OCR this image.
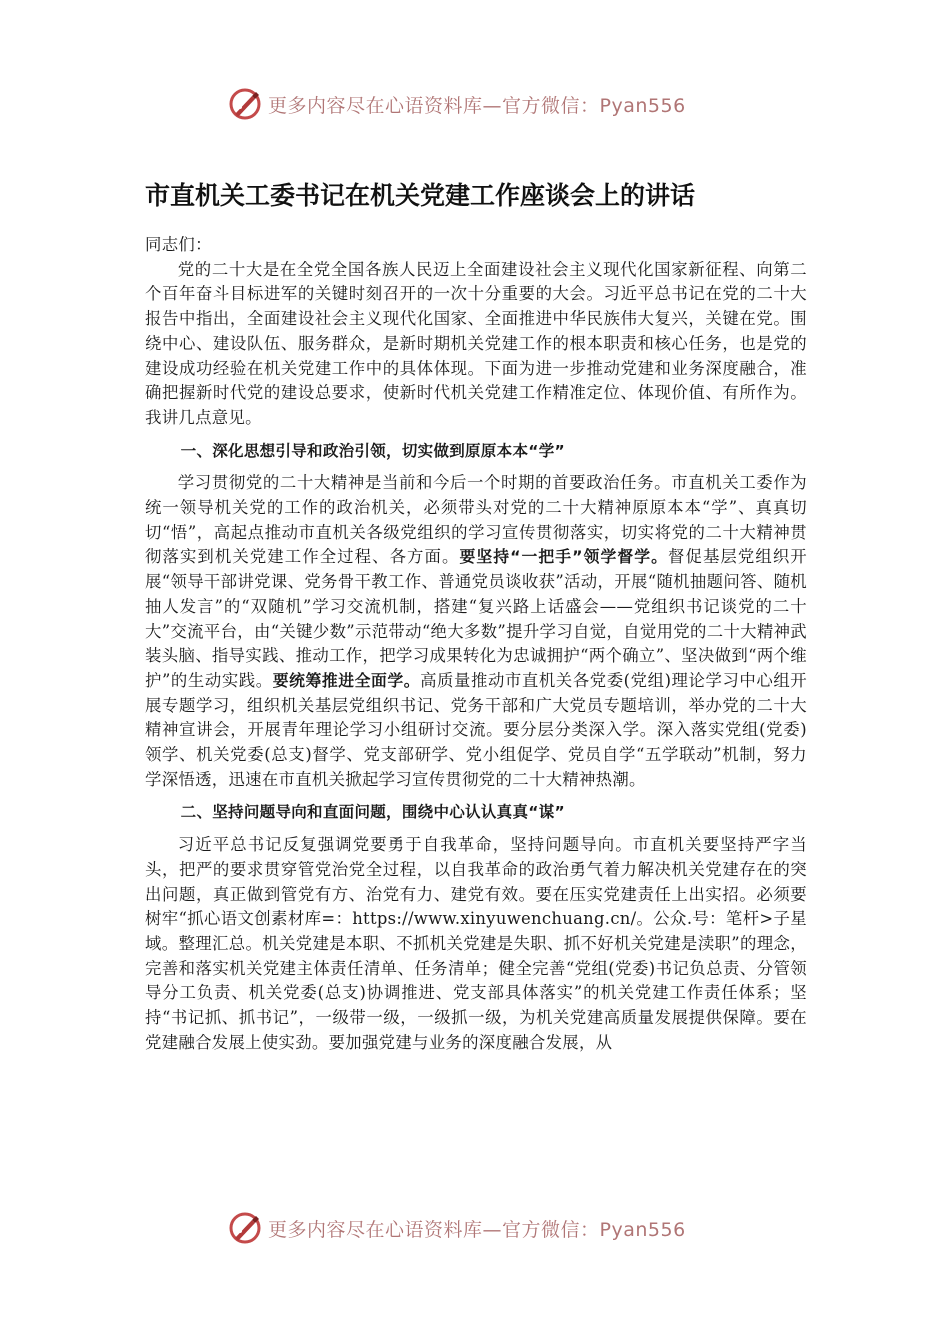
更多内容尽在心语资料库—官方微信：Pyan556
市直机关工委书记在机关党建工作座谈会上的讲话

同志们：

党的二十大是在全党全国各族人民迈上全面建设社会主义现代化国家新征程、向第二个百年奋斗目标进军的关键时刻召开的一次十分重要的大会。习近平总书记在党的二十大报告中指出，全面建设社会主义现代化国家、全面推进中华民族伟大复兴，关键在党。围绕中心、建设队伍、服务群众，是新时期机关党建工作的根本职责和核心任务，也是党的建设成功经验在机关党建工作中的具体体现。下面为进一步推动党建和业务深度融合，准确把握新时代党的建设总要求，使新时代机关党建工作精准定位、体现价值、有所作为。我讲几点意见。

一、深化思想引导和政治引领，切实做到原原本本“学”

学习贯彻党的二十大精神是当前和今后一个时期的首要政治任务。市直机关工委作为统一领导机关党的工作的政治机关，必须带头对党的二十大精神原原本本“学”、真真切切“悟”，高起点推动市直机关各级党组织的学习宣传贯彻落实，切实将党的二十大精神贯彻落实到机关党建工作全过程、各方面。要坚持“一把手”领学督学。督促基层党组织开展“领导干部讲党课、党务骨干教工作、普通党员谈收获”活动，开展“随机抽题问答、随机抽人发言”的“双随机”学习交流机制，搭建“复兴路上话盛会——党组织书记谈党的二十大”交流平台，由“关键少数”示范带动“绝大多数”提升学习自觉，自觉用党的二十大精神武装头脑、指导实践、推动工作，把学习成果转化为忠诚拥护“两个确立”、坚决做到“两个维护”的生动实践。要统筹推进全面学。高质量推动市直机关各党委(党组)理论学习中心组开展专题学习，组织机关基层党组织书记、党务干部和广大党员专题培训，举办党的二十大精神宣讲会，开展青年理论学习小组研讨交流。要分层分类深入学。深入落实党组(党委)领学、机关党委(总支)督学、党支部研学、党小组促学、党员自学“五学联动”机制，努力学深悟透，迅速在市直机关掀起学习宣传贯彻党的二十大精神热潮。

二、坚持问题导向和直面问题，围绕中心认认真真“谋”

习近平总书记反复强调党要勇于自我革命，坚持问题导向。市直机关要坚持严字当头，把严的要求贯穿管党治党全过程，以自我革命的政治勇气着力解决机关党建存在的突出问题，真正做到管党有方、治党有力、建党有效。要在压实党建责任上出实招。必须要树牢“抓心语文创素材库=：https://www.xinyuwenchuang.cn/。公众.号：笔杆>子星域。整理汇总。机关党建是本职、不抓机关党建是失职、抓不好机关党建是渎职”的理念，完善和落实机关党建主体责任清单、任务清单；健全完善“党组(党委)书记负总责、分管领导分工负责、机关党委(总支)协调推进、党支部具体落实”的机关党建工作责任体系；坚持“书记抓、抓书记”，一级带一级，一级抓一级，为机关党建高质量发展提供保障。要在党建融合发展上使实劲。要加强党建与业务的深度融合发展，从

更多内容尽在心语资料库—官方微信：Pyan556
